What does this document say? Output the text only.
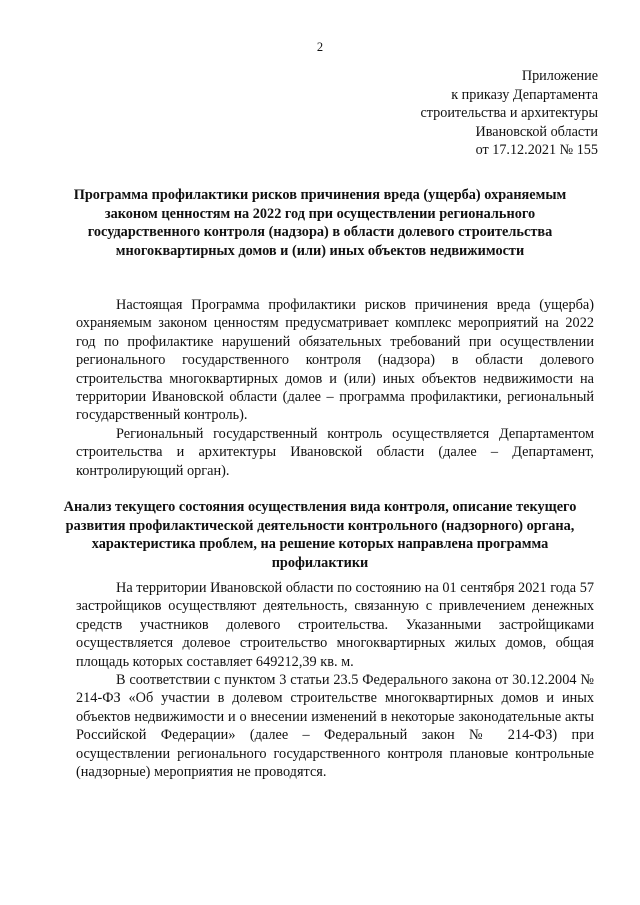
2
Приложение
к приказу Департамента
строительства и архитектуры
Ивановской области
от 17.12.2021 № 155
Программа профилактики рисков причинения вреда (ущерба) охраняемым законом ценностям на 2022 год при осуществлении регионального государственного контроля (надзора) в области долевого строительства многоквартирных домов и (или) иных объектов недвижимости

Настоящая Программа профилактики рисков причинения вреда (ущерба) охраняемым законом ценностям предусматривает комплекс мероприятий на 2022 год по профилактике нарушений обязательных требований при осуществлении регионального государственного контроля (надзора) в области долевого строительства многоквартирных домов и (или) иных объектов недвижимости на территории Ивановской области (далее – программа профилактики, региональный государственный контроль).

Региональный государственный контроль осуществляется Департаментом строительства и архитектуры Ивановской области (далее – Департамент, контролирующий орган).

Анализ текущего состояния осуществления вида контроля, описание текущего развития профилактической деятельности контрольного (надзорного) органа, характеристика проблем, на решение которых направлена программа профилактики

На территории Ивановской области по состоянию на 01 сентября 2021 года 57 застройщиков осуществляют деятельность, связанную с привлечением денежных средств участников долевого строительства. Указанными застройщиками осуществляется долевое строительство многоквартирных жилых домов, общая площадь которых составляет 649212,39 кв. м.

В соответствии с пунктом 3 статьи 23.5 Федерального закона от 30.12.2004 № 214-ФЗ «Об участии в долевом строительстве многоквартирных домов и иных объектов недвижимости и о внесении изменений в некоторые законодательные акты Российской Федерации» (далее – Федеральный закон № 214-ФЗ) при осуществлении регионального государственного контроля плановые контрольные (надзорные) мероприятия не проводятся.
